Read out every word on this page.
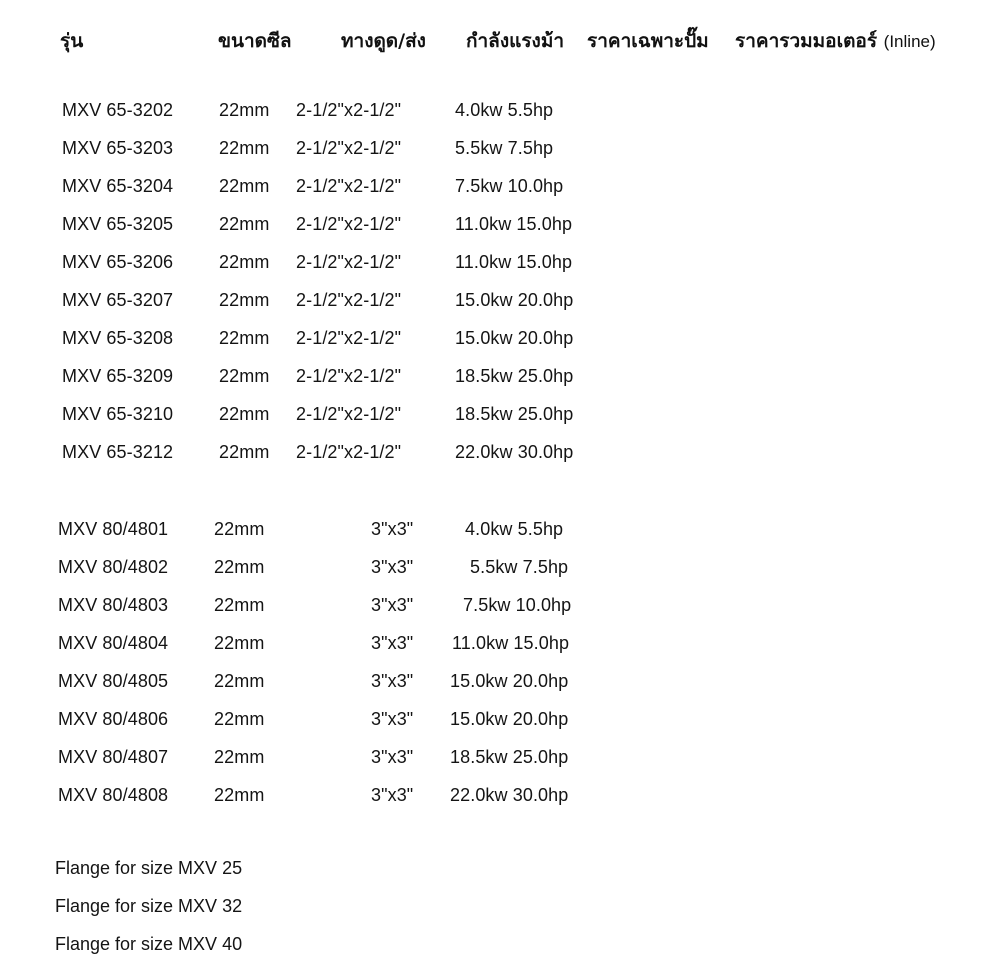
รุ่น	ขนาดซีล	ทางดูด/ส่ง กำลังแรงม้า ราคาเฉพาะปั๊ม ราคารวมมอเตอร์ (Inline)
MXV 65-3202	22mm 2-1/2"x2-1/2"	4.0kw 5.5hp
MXV 65-3203	22mm 2-1/2"x2-1/2"	5.5kw 7.5hp
MXV 65-3204	22mm 2-1/2"x2-1/2"	7.5kw 10.0hp
MXV 65-3205	22mm 2-1/2"x2-1/2"	11.0kw 15.0hp
MXV 65-3206	22mm 2-1/2"x2-1/2"	11.0kw 15.0hp
MXV 65-3207	22mm 2-1/2"x2-1/2"	15.0kw 20.0hp
MXV 65-3208	22mm 2-1/2"x2-1/2"	15.0kw 20.0hp
MXV 65-3209	22mm 2-1/2"x2-1/2"	18.5kw 25.0hp
MXV 65-3210	22mm 2-1/2"x2-1/2"	18.5kw 25.0hp
MXV 65-3212	22mm 2-1/2"x2-1/2"	22.0kw 30.0hp
MXV 80/4801	22mm	3"x3"	4.0kw 5.5hp
MXV 80/4802	22mm	3"x3"	5.5kw 7.5hp
MXV 80/4803	22mm	3"x3"	7.5kw 10.0hp
MXV 80/4804	22mm	3"x3" 11.0kw 15.0hp
MXV 80/4805	22mm	3"x3" 15.0kw 20.0hp
MXV 80/4806	22mm	3"x3" 15.0kw 20.0hp
MXV 80/4807	22mm	3"x3" 18.5kw 25.0hp
MXV 80/4808	22mm	3"x3" 22.0kw 30.0hp
Flange for size MXV 25
Flange for size MXV 32
Flange for size MXV 40
